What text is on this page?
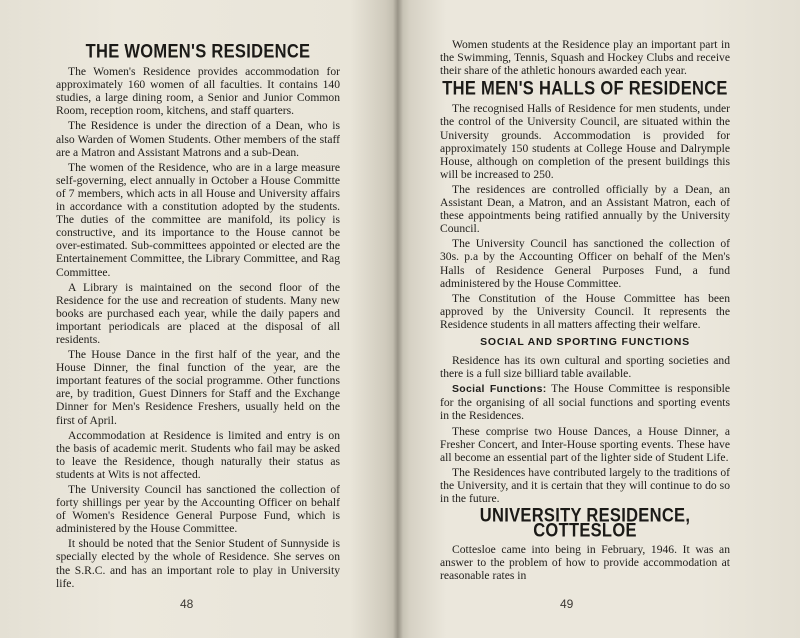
THE WOMEN'S RESIDENCE

The Women's Residence provides accommodation for approximately 160 women of all faculties. It contains 140 studies, a large dining room, a Senior and Junior Common Room, reception room, kitchens, and staff quarters.

The Residence is under the direction of a Dean, who is also Warden of Women Students. Other members of the staff are a Matron and Assistant Matrons and a sub-Dean.

The women of the Residence, who are in a large measure self-governing, elect annually in October a House Committe of 7 members, which acts in all House and University affairs in accordance with a constitution adopted by the students. The duties of the committee are manifold, its policy is constructive, and its importance to the House cannot be over-estimated. Sub-committees appointed or elected are the Entertainement Committee, the Library Committee, and Rag Committee.

A Library is maintained on the second floor of the Residence for the use and recreation of students. Many new books are purchased each year, while the daily papers and important periodicals are placed at the disposal of all residents.

The House Dance in the first half of the year, and the House Dinner, the final function of the year, are the important features of the social programme. Other functions are, by tradition, Guest Dinners for Staff and the Exchange Dinner for Men's Residence Freshers, usually held on the first of April.

Accommodation at Residence is limited and entry is on the basis of academic merit. Students who fail may be asked to leave the Residence, though naturally their status as students at Wits is not affected.

The University Council has sanctioned the collection of forty shillings per year by the Accounting Officer on behalf of Women's Residence General Purpose Fund, which is administered by the House Committee.

It should be noted that the Senior Student of Sunnyside is specially elected by the whole of Residence. She serves on the S.R.C. and has an important role to play in University life.

48

Women students at the Residence play an important part in the Swimming, Tennis, Squash and Hockey Clubs and receive their share of the athletic honours awarded each year.

THE MEN'S HALLS OF RESIDENCE

The recognised Halls of Residence for men students, under the control of the University Council, are situated within the University grounds. Accommodation is provided for approximately 150 students at College House and Dalrymple House, although on completion of the present buildings this will be increased to 250.

The residences are controlled officially by a Dean, an Assistant Dean, a Matron, and an Assistant Matron, each of these appointments being ratified annually by the University Council.

The University Council has sanctioned the collection of 30s. p.a by the Accounting Officer on behalf of the Men's Halls of Residence General Purposes Fund, a fund administered by the House Committee.

The Constitution of the House Committee has been approved by the University Council. It represents the Residence students in all matters affecting their welfare.

SOCIAL AND SPORTING FUNCTIONS

Residence has its own cultural and sporting societies and there is a full size billiard table available.

Social Functions: The House Committee is responsible for the organising of all social functions and sporting events in the Residences.

These comprise two House Dances, a House Dinner, a Fresher Concert, and Inter-House sporting events. These have all become an essential part of the lighter side of Student Life.

The Residences have contributed largely to the traditions of the University, and it is certain that they will continue to do so in the future.

UNIVERSITY RESIDENCE, COTTESLOE

Cottesloe came into being in February, 1946. It was an answer to the problem of how to provide accommodation at reasonable rates in

49
